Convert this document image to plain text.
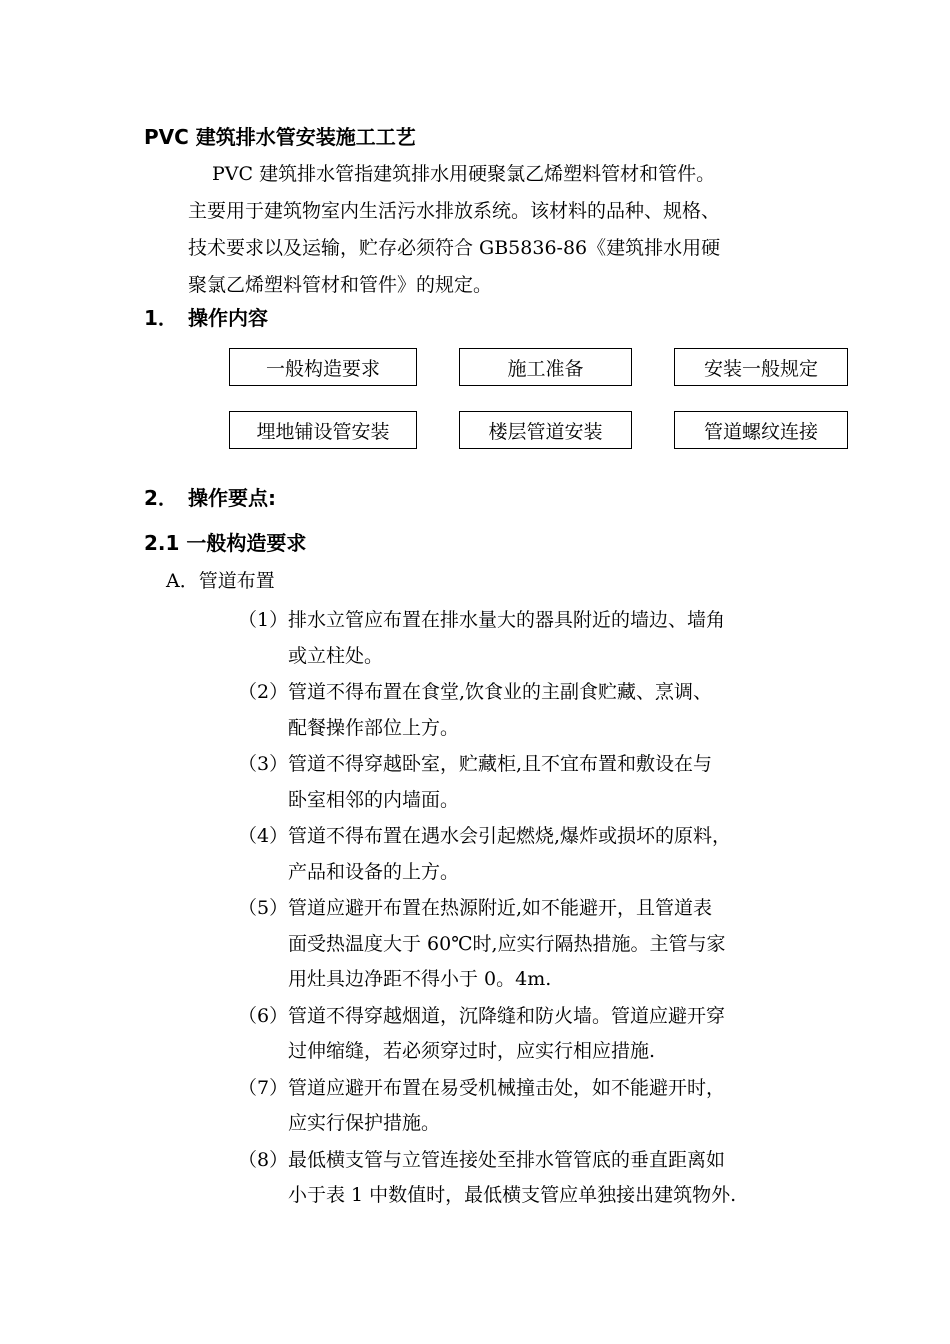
PVC 建筑排水管安装施工工艺
PVC 建筑排水管指建筑排水用硬聚氯乙烯塑料管材和管件。
主要用于建筑物室内生活污水排放系统。该材料的品种、规格、
技术要求以及运输，贮存必须符合 GB5836-86《建筑排水用硬
聚氯乙烯塑料管材和管件》的规定。
1． 操作内容
一般构造要求	施工准备	安装一般规定
埋地铺设管安装	楼层管道安装	管道螺纹连接
2． 操作要点:
2.1 一般构造要求
A．管道布置
（1） 排水立管应布置在排水量大的器具附近的墙边、墙角
或立柱处。
（2） 管道不得布置在食堂,饮食业的主副食贮藏、烹调、
配餐操作部位上方。
（3） 管道不得穿越卧室，贮藏柜,且不宜布置和敷设在与
卧室相邻的内墙面。
（4） 管道不得布置在遇水会引起燃烧,爆炸或损坏的原料，
产品和设备的上方。
（5） 管道应避开布置在热源附近,如不能避开，且管道表
面受热温度大于 60℃时,应实行隔热措施。主管与家
用灶具边净距不得小于 0。4m.
（6） 管道不得穿越烟道，沉降缝和防火墙。管道应避开穿
过伸缩缝，若必须穿过时，应实行相应措施.
（7） 管道应避开布置在易受机械撞击处，如不能避开时，
应实行保护措施。
（8） 最低横支管与立管连接处至排水管管底的垂直距离如
小于表 1 中数值时，最低横支管应单独接出建筑物外.
